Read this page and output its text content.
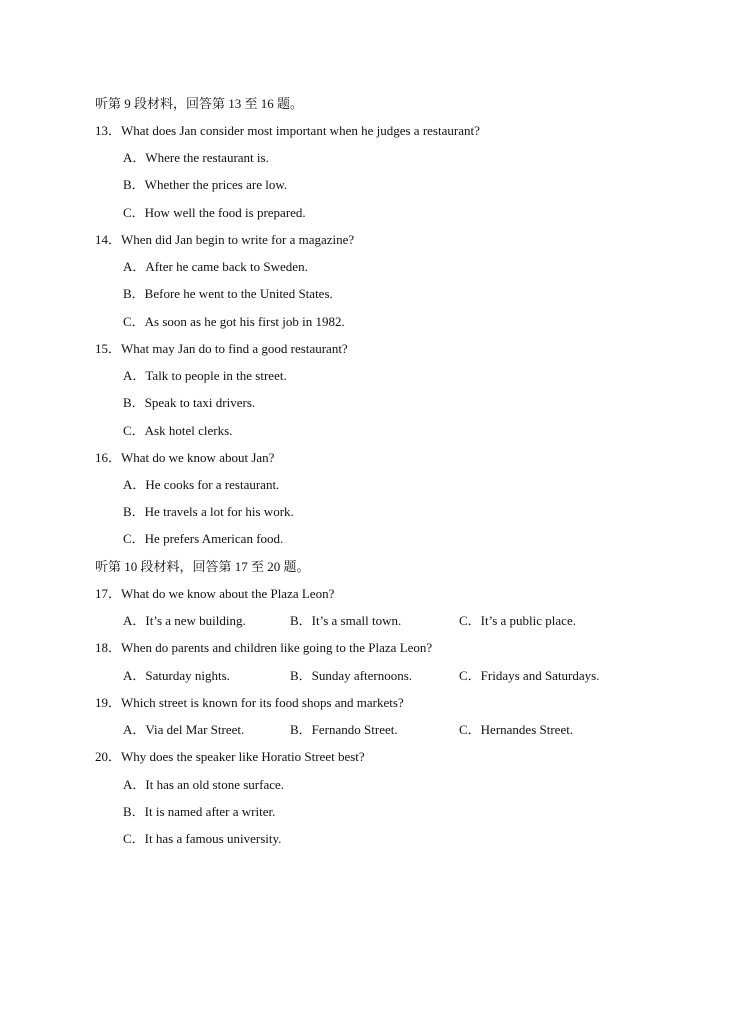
听第 9 段材料，回答第 13 至 16 题。
13．What does Jan consider most important when he judges a restaurant?
A．Where the restaurant is.
B．Whether the prices are low.
C．How well the food is prepared.
14．When did Jan begin to write for a magazine?
A．After he came back to Sweden.
B．Before he went to the United States.
C．As soon as he got his first job in 1982.
15．What may Jan do to find a good restaurant?
A．Talk to people in the street.
B．Speak to taxi drivers.
C．Ask hotel clerks.
16．What do we know about Jan?
A．He cooks for a restaurant.
B．He travels a lot for his work.
C．He prefers American food.
听第 10 段材料，回答第 17 至 20 题。
17．What do we know about the Plaza Leon?
A．It’s a new building.	B．It’s a small town.	C．It’s a public place.
18．When do parents and children like going to the Plaza Leon?
A．Saturday nights.	B．Sunday afternoons.	C．Fridays and Saturdays.
19．Which street is known for its food shops and markets?
A．Via del Mar Street.	B．Fernando Street.	C．Hernandes Street.
20．Why does the speaker like Horatio Street best?
A．It has an old stone surface.
B．It is named after a writer.
C．It has a famous university.
